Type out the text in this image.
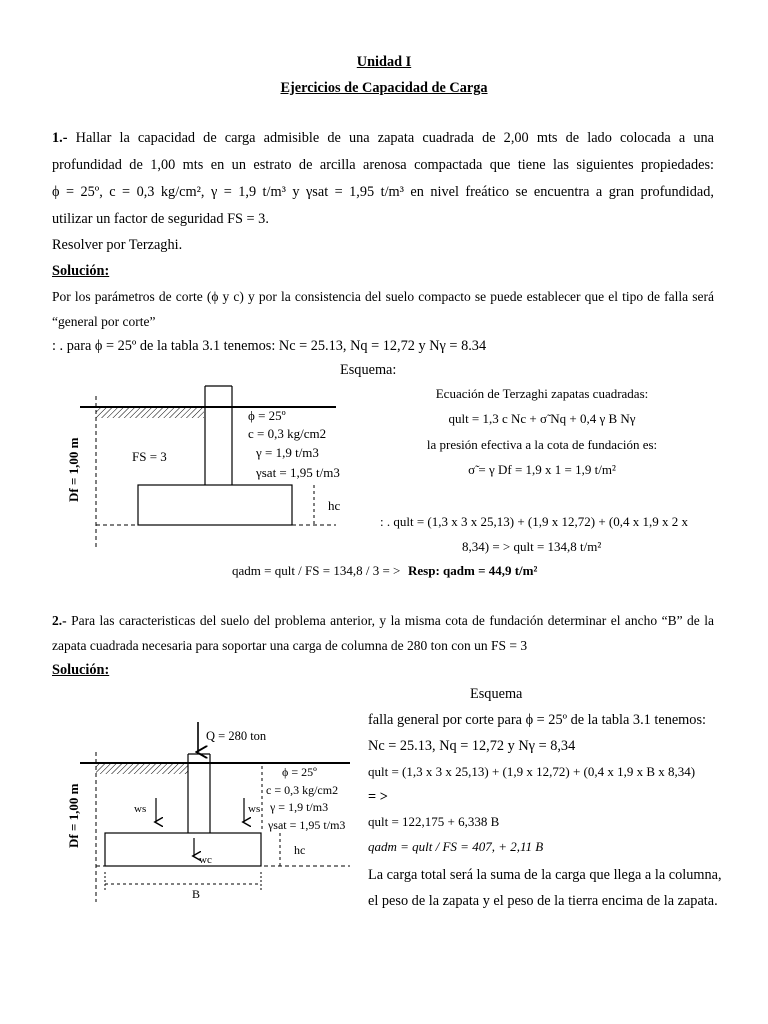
Unidad I
Ejercicios de Capacidad de Carga
1.- Hallar la capacidad de carga admisible de una zapata cuadrada de 2,00 mts de lado colocada a una
profundidad de 1,00 mts en un estrato de arcilla arenosa compactada que tiene las siguientes propiedades:
ϕ = 25º, c = 0,3 kg/cm², γ = 1,9 t/m³ y γsat = 1,95 t/m³ en nivel freático se encuentra a gran profundidad,
utilizar un factor de seguridad FS = 3.
Resolver por Terzaghi.
Solución:
Por los parámetros de corte (ϕ y c) y por la consistencia del suelo compacto se puede establecer que el tipo de falla será
“general por corte”
: . para ϕ = 25º de la tabla 3.1 tenemos: Nc = 25.13, Nq = 12,72 y Nγ = 8.34
Esquema:
Ecuación de Terzaghi zapatas cuadradas:
qult = 1,3 c Nc + σ̃ Nq + 0,4 γ B Nγ
la presión efectiva a la cota de fundación es:
σ̃ = γ Df = 1,9 x 1 = 1,9 t/m²
: . qult = (1,3 x 3 x 25,13) + (1,9 x 12,72) + (0,4 x 1,9 x 2 x
8,34) = > qult = 134,8 t/m²
qadm = qult / FS = 134,8 / 3 = > Resp: qadm = 44,9 t/m²
ϕ = 25º
c = 0,3 kg/cm2
γ = 1,9 t/m3
γsat = 1,95 t/m3
FS = 3
hc
Df = 1,00 m
2.- Para las caracteristicas del suelo del problema anterior, y la misma cota de fundación determinar el ancho “B” de la
zapata cuadrada necesaria para soportar una carga de columna de 280 ton con un FS = 3
Solución:
Esquema
falla general por corte para ϕ = 25º de la tabla 3.1 tenemos:
Nc = 25.13, Nq = 12,72 y Nγ = 8,34
qult = (1,3 x 3 x 25,13) + (1,9 x 12,72) + (0,4 x 1,9 x B x 8,34)
= >
qult = 122,175 + 6,338 B
qadm = qult / FS = 407, + 2,11 B
La carga total será la suma de la carga que llega a la columna,
el peso de la zapata y el peso de la tierra encima de la zapata.
Q = 280 ton
ws	ws
wc
B
ϕ = 25º
c = 0,3 kg/cm2
γ = 1,9 t/m3
γsat = 1,95 t/m3
hc
Df = 1,00 m
